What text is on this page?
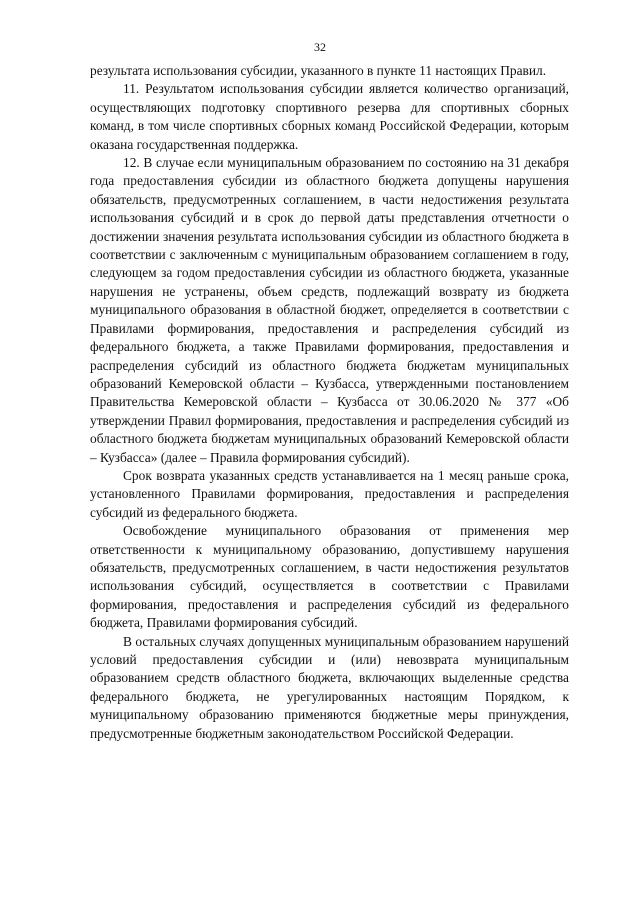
32

результата использования субсидии, указанного в пункте 11 настоящих Правил.

11. Результатом использования субсидии является количество организаций, осуществляющих подготовку спортивного резерва для спортивных сборных команд, в том числе спортивных сборных команд Российской Федерации, которым оказана государственная поддержка.

12. В случае если муниципальным образованием по состоянию на 31 декабря года предоставления субсидии из областного бюджета допущены нарушения обязательств, предусмотренных соглашением, в части недостижения результата использования субсидий и в срок до первой даты представления отчетности о достижении значения результата использования субсидии из областного бюджета в соответствии с заключенным с муниципальным образованием соглашением в году, следующем за годом предоставления субсидии из областного бюджета, указанные нарушения не устранены, объем средств, подлежащий возврату из бюджета муниципального образования в областной бюджет, определяется в соответствии с Правилами формирования, предоставления и распределения субсидий из федерального бюджета, а также Правилами формирования, предоставления и распределения субсидий из областного бюджета бюджетам муниципальных образований Кемеровской области – Кузбасса, утвержденными постановлением Правительства Кемеровской области – Кузбасса от 30.06.2020 № 377 «Об утверждении Правил формирования, предоставления и распределения субсидий из областного бюджета бюджетам муниципальных образований Кемеровской области – Кузбасса» (далее – Правила формирования субсидий).

Срок возврата указанных средств устанавливается на 1 месяц раньше срока, установленного Правилами формирования, предоставления и распределения субсидий из федерального бюджета.

Освобождение муниципального образования от применения мер ответственности к муниципальному образованию, допустившему нарушения обязательств, предусмотренных соглашением, в части недостижения результатов использования субсидий, осуществляется в соответствии с Правилами формирования, предоставления и распределения субсидий из федерального бюджета, Правилами формирования субсидий.

В остальных случаях допущенных муниципальным образованием нарушений условий предоставления субсидии и (или) невозврата муниципальным образованием средств областного бюджета, включающих выделенные средства федерального бюджета, не урегулированных настоящим Порядком, к муниципальному образованию применяются бюджетные меры принуждения, предусмотренные бюджетным законодательством Российской Федерации.
